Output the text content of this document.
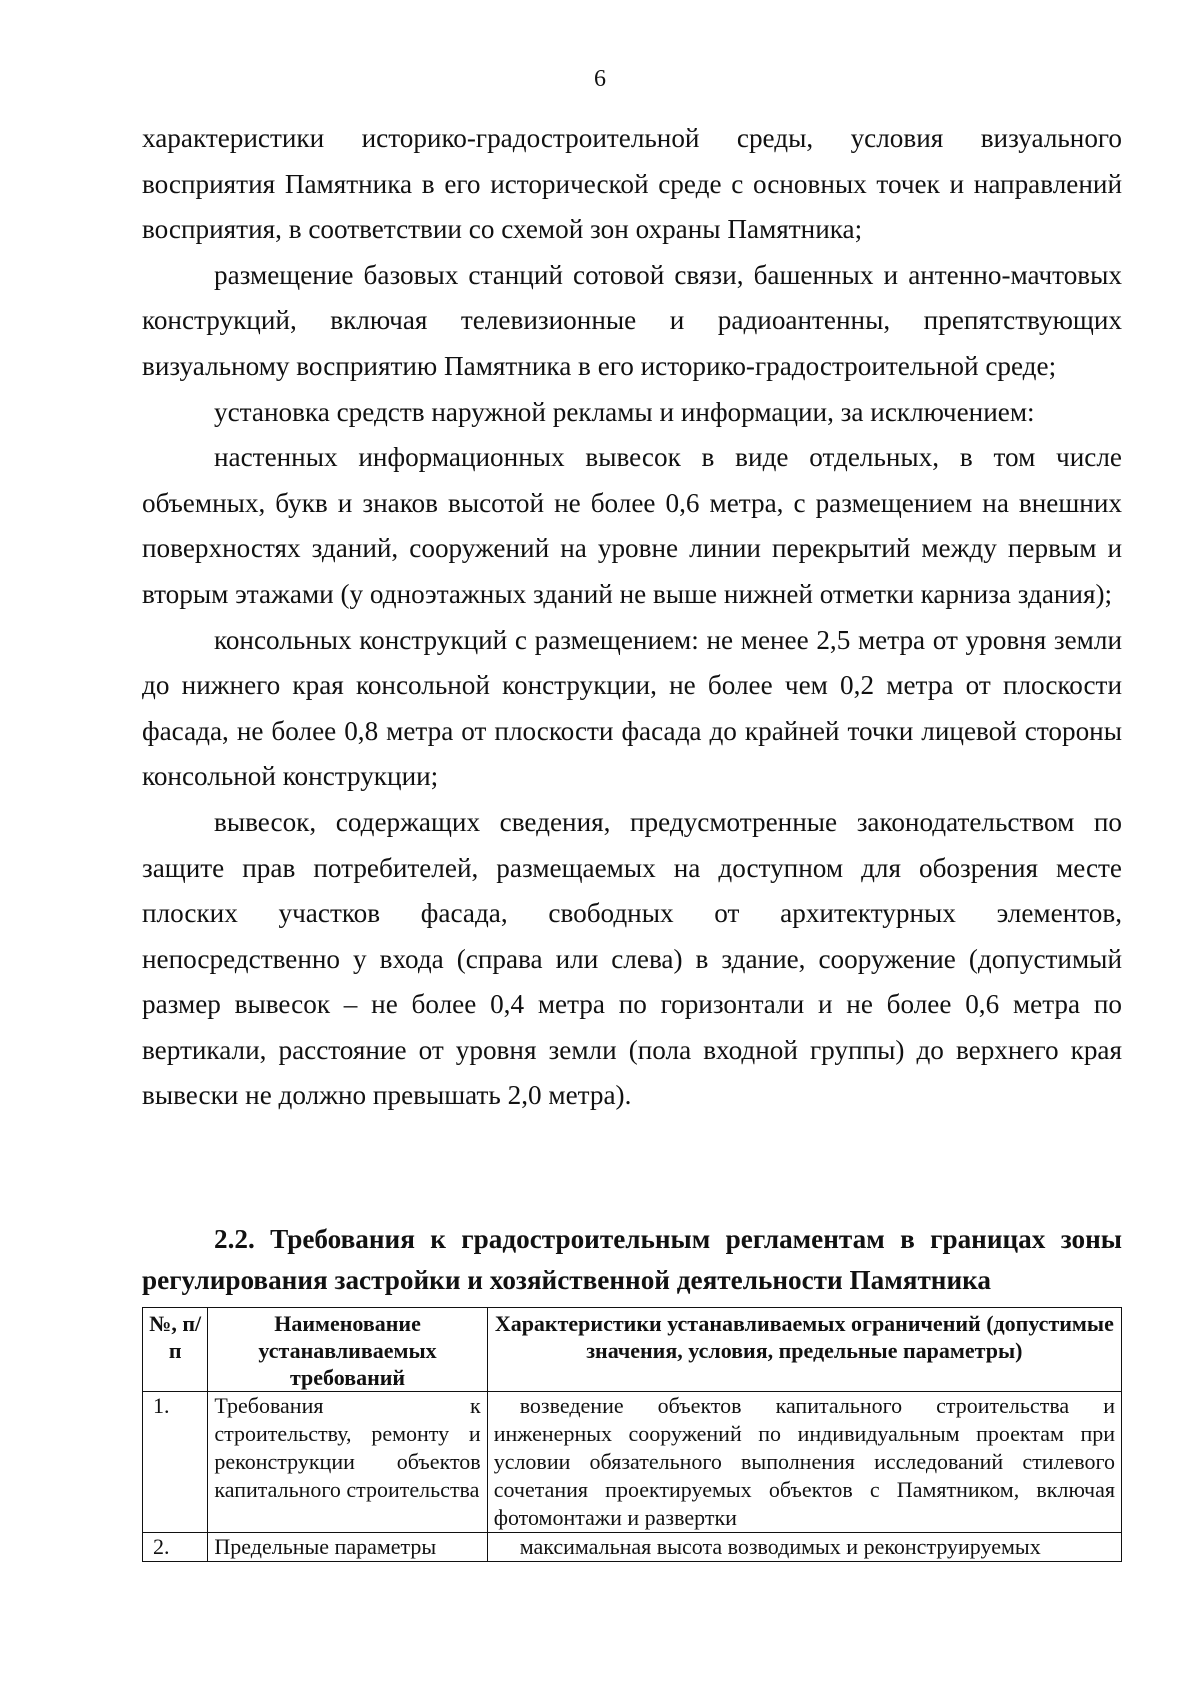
6

характеристики историко-градостроительной среды, условия визуального восприятия Памятника в его исторической среде с основных точек и направлений восприятия, в соответствии со схемой зон охраны Памятника;

размещение базовых станций сотовой связи, башенных и антенно-мачтовых конструкций, включая телевизионные и радиоантенны, препятствующих визуальному восприятию Памятника в его историко-градостроительной среде;

установка средств наружной рекламы и информации, за исключением:

настенных информационных вывесок в виде отдельных, в том числе объемных, букв и знаков высотой не более 0,6 метра, с размещением на внешних поверхностях зданий, сооружений на уровне линии перекрытий между первым и вторым этажами (у одноэтажных зданий не выше нижней отметки карниза здания);

консольных конструкций с размещением: не менее 2,5 метра от уровня земли до нижнего края консольной конструкции, не более чем 0,2 метра от плоскости фасада, не более 0,8 метра от плоскости фасада до крайней точки лицевой стороны консольной конструкции;

вывесок, содержащих сведения, предусмотренные законодательством по защите прав потребителей, размещаемых на доступном для обозрения месте плоских участков фасада, свободных от архитектурных элементов, непосредственно у входа (справа или слева) в здание, сооружение (допустимый размер вывесок – не более 0,4 метра по горизонтали и не более 0,6 метра по вертикали, расстояние от уровня земли (пола входной группы) до верхнего края вывески не должно превышать 2,0 метра).

2.2. Требования к градостроительным регламентам в границах зоны регулирования застройки и хозяйственной деятельности Памятника
№, п/п	Наименование устанавливаемых требований	Характеристики устанавливаемых ограничений (допустимые значения, условия, предельные параметры)
1.	Требования к строительству, ремонту и реконструкции объектов капитального строительства	возведение объектов капитального строительства и инженерных сооружений по индивидуальным проектам при условии обязательного выполнения исследований стилевого сочетания проектируемых объектов с Памятником, включая фотомонтажи и развертки
2.	Предельные параметры	максимальная высота возводимых и реконструируемых
